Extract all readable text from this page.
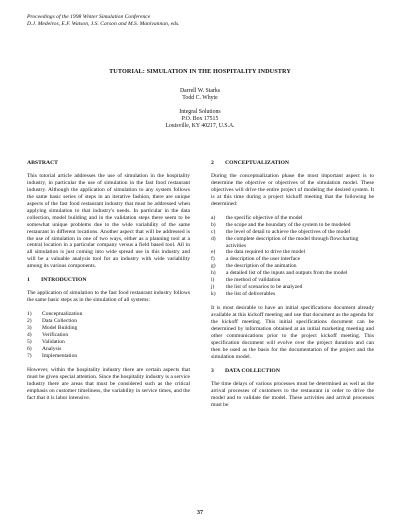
Proceedings of the 1998 Winter Simulation Conference
D.J. Medeiros, E.F. Watson, J.S. Carson and M.S. Manivannan, eds.
TUTORIAL: SIMULATION IN THE HOSPITALITY INDUSTRY
Darrell W. Starks
Todd C. Whyte
Integral Solutions
P.O. Box 17515
Louisville, KY 40217, U.S.A.
ABSTRACT

This tutorial article addresses the use of simulation in the hospitality industry, in particular the use of simulation in the fast food restaurant industry. Although the application of simulation to any system follows the same basic series of steps in an iterative fashion, there are unique aspects of the fast food restaurant industry that must be addressed when applying simulation to that industry's needs. In particular in the data collection, model building and in the validation steps there seem to be somewhat unique problems due to the wide variability of the same restaurant in different locations. Another aspect that will be addressed is the use of simulation in one of two ways, either as a planning tool at a central location in a particular company versus a field based tool. All in all simulation is just coming into wide spread use in this industry and will be a valuable analysis tool for an industry with wide variability among its various components.

1 INTRODUCTION

The application of simulation to the fast food restaurant industry follows the same basic steps as in the simulation of all systems:

1)	Conceptualization
2)	Data Collection
3)	Model Building
4)	Verification
5)	Validation
6)	Analysis
7)	Implementation

However, within the hospitality industry there are certain aspects that must be given special attention. Since the hospitality industry is a service industry there are areas that must be considered such as the critical emphasis on customer timeliness, the variability in service times, and the fact that it is labor intensive.

2 CONCEPTUALIZATION

During the conceptualization phase the most important aspect is to determine the objective or objectives of the simulation model. These objectives will drive the entire project of modeling the desired system. It is at this time during a project kickoff meeting that the following be determined:

a)	the specific objective of the model
b)	the scope and the boundary of the system to be modeled
c)	the level of detail to achieve the objectives of the model
d)	the complete description of the model through flowcharting activities
e)	the data required to drive the model
f)	a description of the user interface
g)	the description of the animation
h)	a detailed list of the inputs and outputs from the model
i)	the method of validation
j)	the list of scenarios to be analyzed
k)	the list of deliverables

It is most desirable to have an initial specifications document already available at this kickoff meeting and use that document as the agenda for the kickoff meeting. This initial specifications document can be determined by information obtained at an initial marketing meeting and other communications prior to the project kickoff meeting. This specification document will evolve over the project duration and can then be used as the basis for the documentation of the project and the simulation model.

3 DATA COLLECTION

The time delays of various processes must be determined as well as the arrival processes of customers to the restaurant in order to drive the model and to validate the model. These activities and arrival processes must be

37
